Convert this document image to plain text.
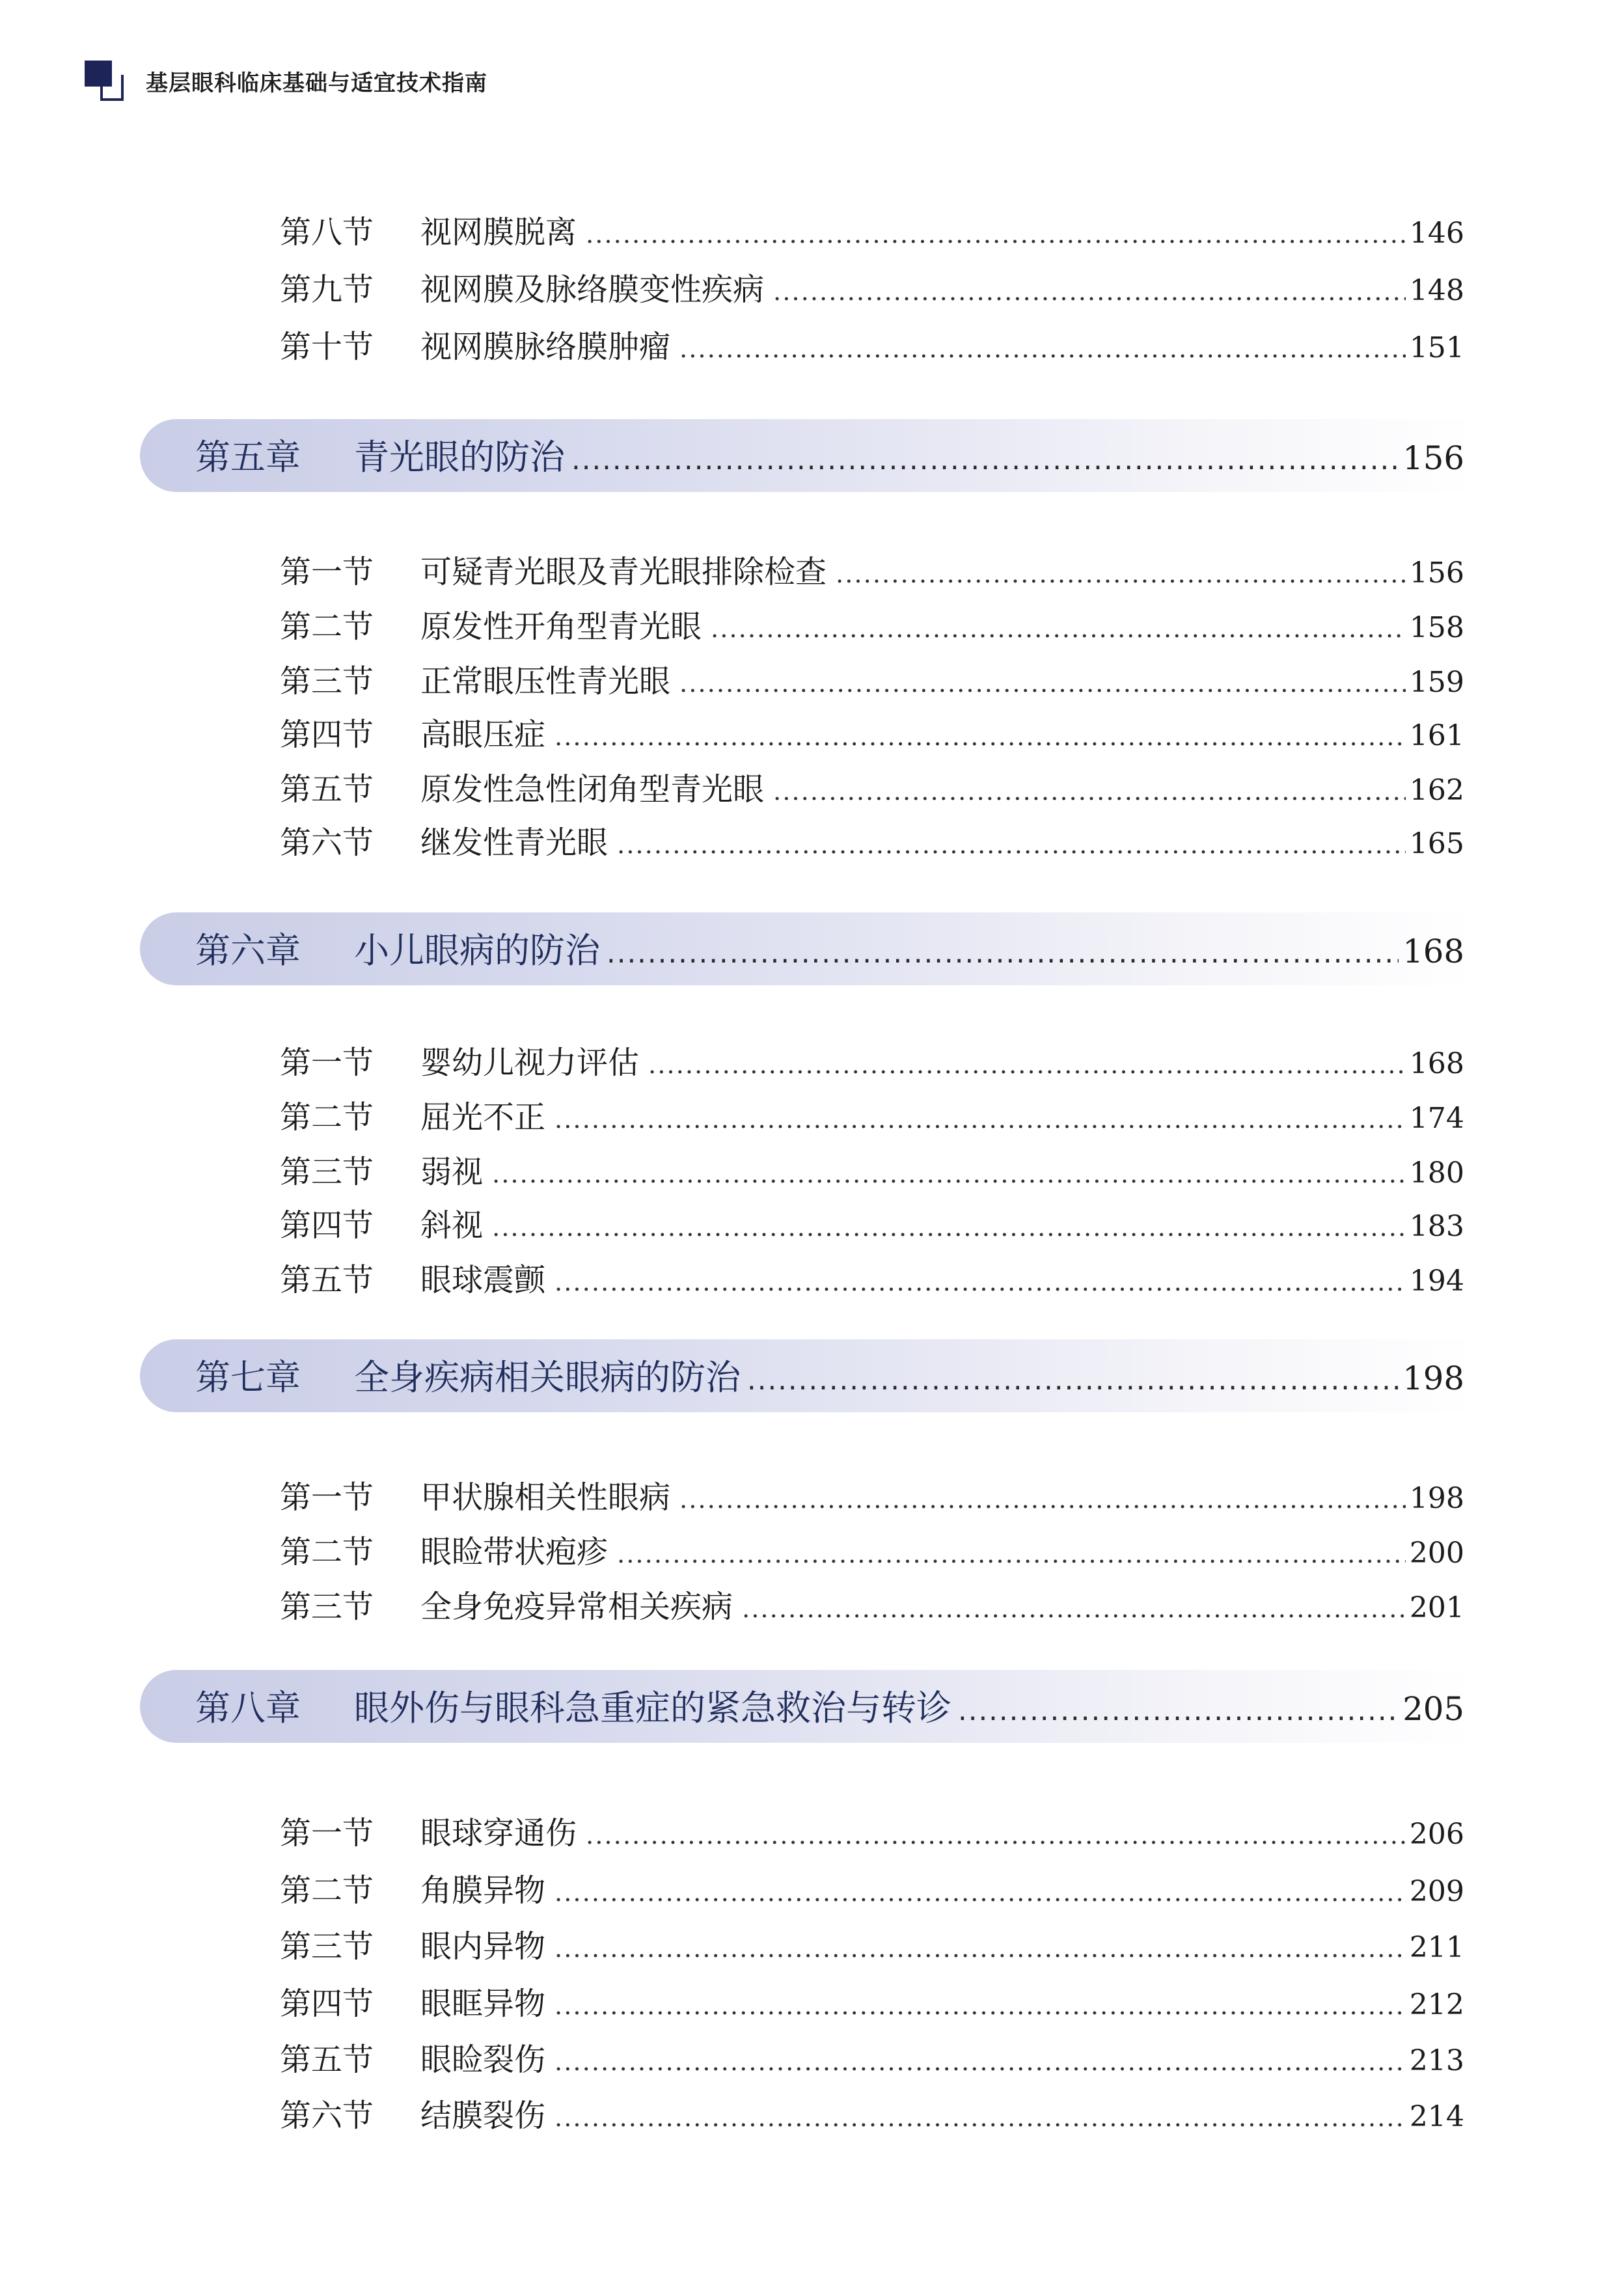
基层眼科临床基础与适宜技术指南
第八节	视网膜脱离 .....	146
第九节	视网膜及脉络膜变性疾病 .....	148
第十节	视网膜脉络膜肿瘤 .....	151
第五章	青光眼的防治 .....	156
第一节	可疑青光眼及青光眼排除检查 .....	156
第二节	原发性开角型青光眼 .....	158
第三节	正常眼压性青光眼 .....	159
第四节	高眼压症 .....	161
第五节	原发性急性闭角型青光眼 .....	162
第六节	继发性青光眼 .....	165
第六章	小儿眼病的防治 .....	168
第一节	婴幼儿视力评估 .....	168
第二节	屈光不正 .....	174
第三节	弱视 .....	180
第四节	斜视 .....	183
第五节	眼球震颤 .....	194
第七章	全身疾病相关眼病的防治 .....	198
第一节	甲状腺相关性眼病 .....	198
第二节	眼睑带状疱疹 .....	200
第三节	全身免疫异常相关疾病 .....	201
第八章	眼外伤与眼科急重症的紧急救治与转诊 .....	205
第一节	眼球穿通伤 .....	206
第二节	角膜异物 .....	209
第三节	眼内异物 .....	211
第四节	眼眶异物 .....	212
第五节	眼睑裂伤 .....	213
第六节	结膜裂伤 .....	214
